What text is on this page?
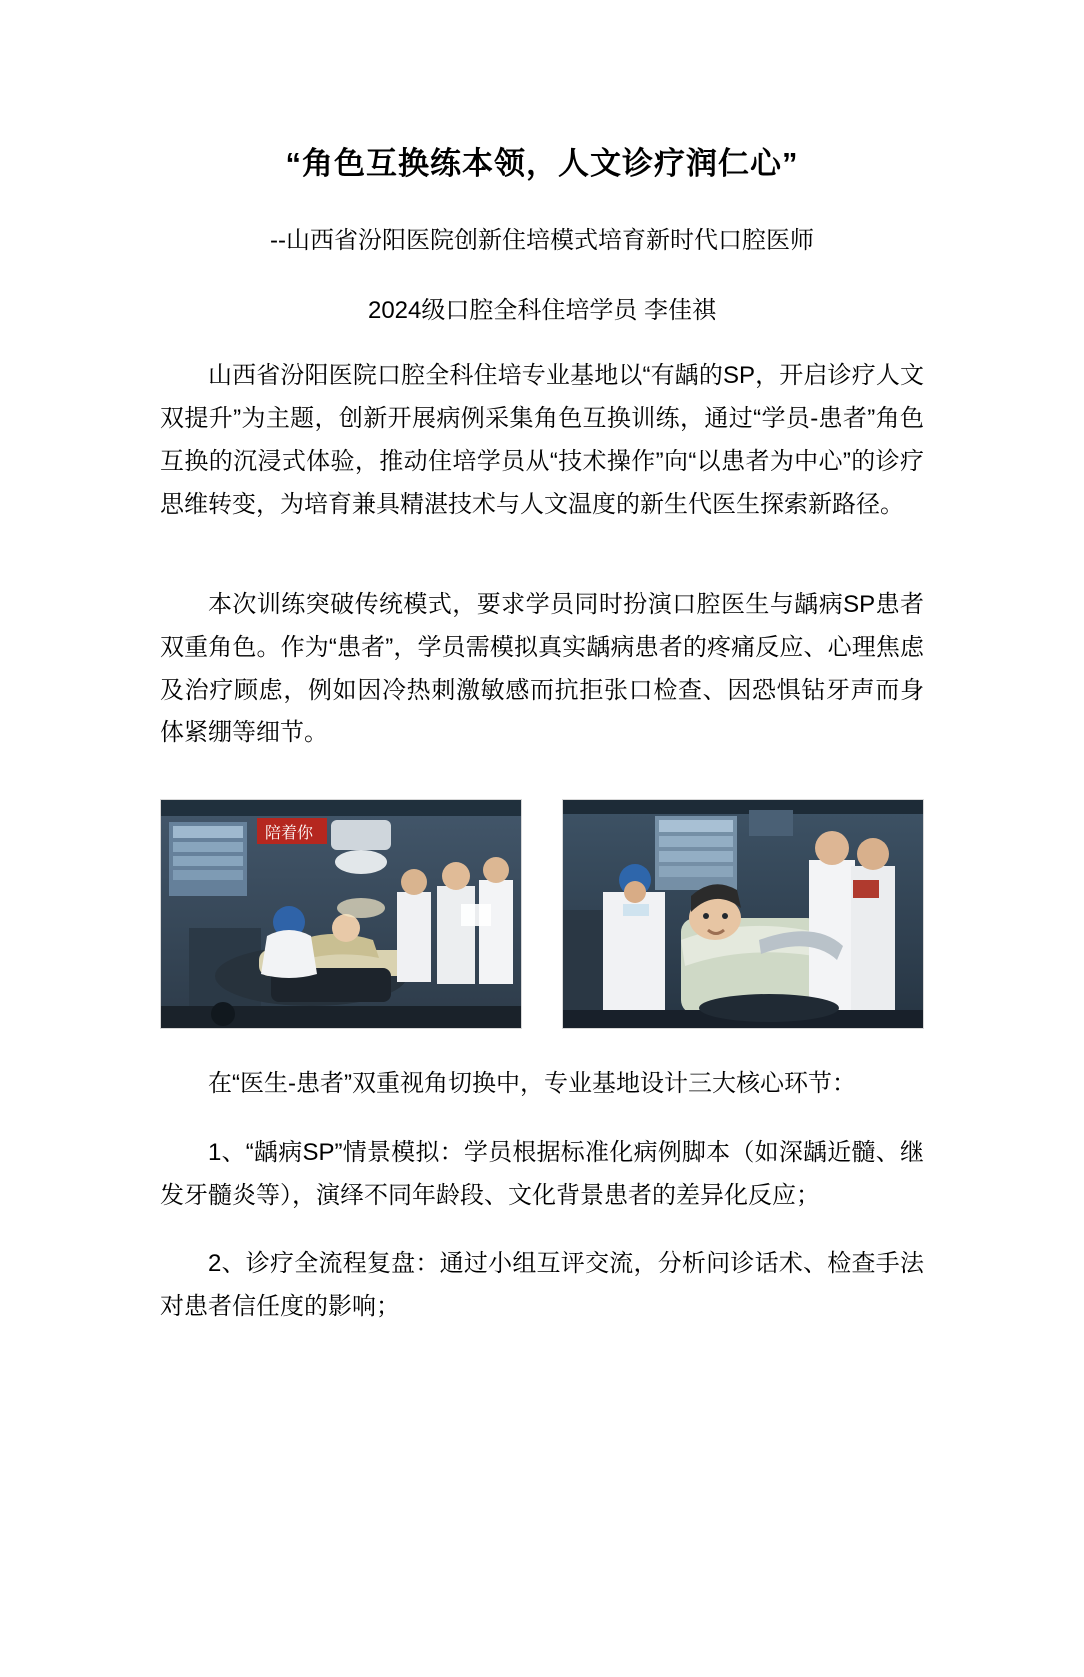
“角色互换练本领，人文诊疗润仁心”
--山西省汾阳医院创新住培模式培育新时代口腔医师
2024级口腔全科住培学员 李佳祺

山西省汾阳医院口腔全科住培专业基地以“有龋的SP，开启诊疗人文双提升”为主题，创新开展病例采集角色互换训练，通过“学员-患者”角色互换的沉浸式体验，推动住培学员从“技术操作”向“以患者为中心”的诊疗思维转变，为培育兼具精湛技术与人文温度的新生代医生探索新路径。

本次训练突破传统模式，要求学员同时扮演口腔医生与龋病SP患者双重角色。作为“患者”，学员需模拟真实龋病患者的疼痛反应、心理焦虑及治疗顾虑，例如因冷热刺激敏感而抗拒张口检查、因恐惧钻牙声而身体紧绷等细节。

陪着你

在“医生-患者”双重视角切换中，专业基地设计三大核心环节：

1、“龋病SP”情景模拟：学员根据标准化病例脚本（如深龋近髓、继发牙髓炎等），演绎不同年龄段、文化背景患者的差异化反应；

2、诊疗全流程复盘：通过小组互评交流，分析问诊话术、检查手法对患者信任度的影响；
